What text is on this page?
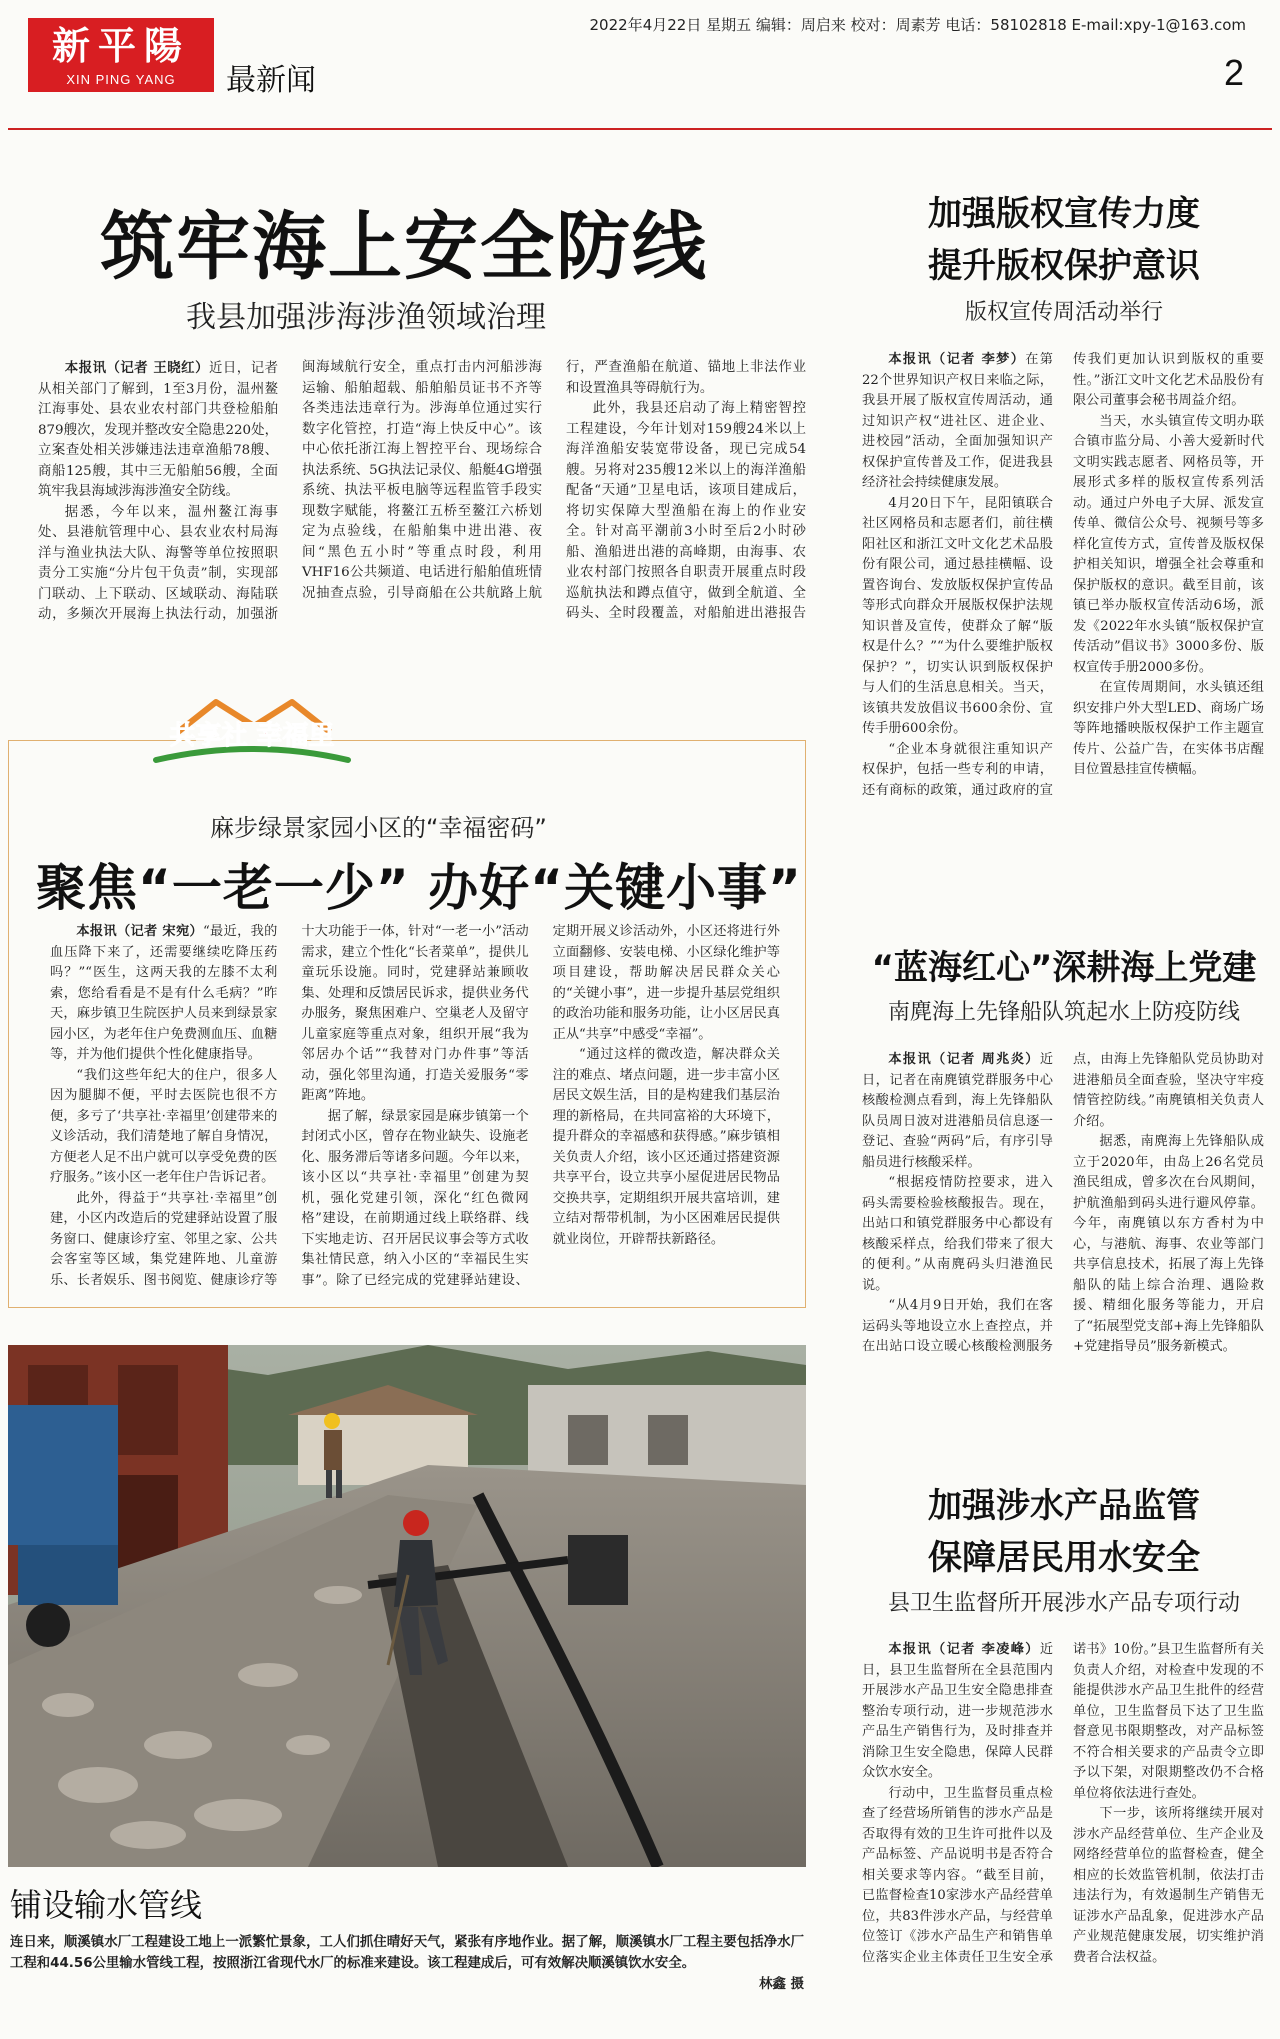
新平陽
XIN PING YANG	最新闻
2022年4月22日 星期五 编辑：周启来 校对：周素芳 电话：58102818 E-mail:xpy-1@163.com
2
筑牢海上安全防线
我县加强涉海涉渔领域治理

本报讯（记者 王晓红）近日，记者从相关部门了解到，1至3月份，温州鳌江海事处、县农业农村部门共登检船舶879艘次，发现并整改安全隐患220处，立案查处相关涉嫌违法违章渔船78艘、商船125艘，其中三无船舶56艘，全面筑牢我县海域涉海涉渔安全防线。

据悉，今年以来，温州鳌江海事处、县港航管理中心、县农业农村局海洋与渔业执法大队、海警等单位按照职责分工实施“分片包干负责”制，实现部门联动、上下联动、区域联动、海陆联动，多频次开展海上执法行动，加强浙闽海域航行安全，重点打击内河船涉海运输、船舶超载、船舶船员证书不齐等各类违法违章行为。涉海单位通过实行数字化管控，打造“海上快反中心”。该中心依托浙江海上智控平台、现场综合执法系统、5G执法记录仪、船艇4G增强系统、执法平板电脑等远程监管手段实现数字赋能，将鳌江五桥至鳌江六桥划定为点验线，在船舶集中进出港、夜间“黑色五小时”等重点时段，利用VHF16公共频道、电话进行船舶值班情况抽查点验，引导商船在公共航路上航行，严查渔船在航道、锚地上非法作业和设置渔具等碍航行为。

此外，我县还启动了海上精密智控工程建设，今年计划对159艘24米以上海洋渔船安装宽带设备，现已完成54艘。另将对235艘12米以上的海洋渔船配备“天通”卫星电话，该项目建成后，将切实保障大型渔船在海上的作业安全。针对高平潮前3小时至后2小时砂船、渔船进出港的高峰期，由海事、农业农村部门按照各自职责开展重点时段巡航执法和蹲点值守，做到全航道、全码头、全时段覆盖，对船舶进出港报告

共享社 幸福里
麻步绿景家园小区的“幸福密码”
聚焦“一老一少” 办好“关键小事”

本报讯（记者 宋宛）“最近，我的血压降下来了，还需要继续吃降压药吗？”“医生，这两天我的左膝不太利索，您给看看是不是有什么毛病？”昨天，麻步镇卫生院医护人员来到绿景家园小区，为老年住户免费测血压、血糖等，并为他们提供个性化健康指导。

“我们这些年纪大的住户，很多人因为腿脚不便，平时去医院也很不方便，多亏了‘共享社·幸福里’创建带来的义诊活动，我们清楚地了解自身情况，方便老人足不出户就可以享受免费的医疗服务。”该小区一老年住户告诉记者。

此外，得益于“共享社·幸福里”创建，小区内改造后的党建驿站设置了服务窗口、健康诊疗室、邻里之家、公共会客室等区域，集党建阵地、儿童游乐、长者娱乐、图书阅览、健康诊疗等十大功能于一体，针对“一老一小”活动需求，建立个性化“长者菜单”，提供儿童玩乐设施。同时，党建驿站兼顾收集、处理和反馈居民诉求，提供业务代办服务，聚焦困难户、空巢老人及留守儿童家庭等重点对象，组织开展“我为邻居办个话”“我替对门办件事”等活动，强化邻里沟通，打造关爱服务“零距离”阵地。

据了解，绿景家园是麻步镇第一个封闭式小区，曾存在物业缺失、设施老化、服务滞后等诸多问题。今年以来，该小区以“共享社·幸福里”创建为契机，强化党建引领，深化“红色微网格”建设，在前期通过线上联络群、线下实地走访、召开居民议事会等方式收集社情民意，纳入小区的“幸福民生实事”。除了已经完成的党建驿站建设、定期开展义诊活动外，小区还将进行外立面翻修、安装电梯、小区绿化维护等项目建设，帮助解决居民群众关心的“关键小事”，进一步提升基层党组织的政治功能和服务功能，让小区居民真正从“共享”中感受“幸福”。

“通过这样的微改造，解决群众关注的难点、堵点问题，进一步丰富小区居民文娱生活，目的是构建我们基层治理的新格局，在共同富裕的大环境下，提升群众的幸福感和获得感。”麻步镇相关负责人介绍，该小区还通过搭建资源共享平台，设立共享小屋促进居民物品交换共享，定期组织开展共富培训，建立结对帮带机制，为小区困难居民提供就业岗位，开辟帮扶新路径。

铺设输水管线
连日来，顺溪镇水厂工程建设工地上一派繁忙景象，工人们抓住晴好天气，紧张有序地作业。据了解，顺溪镇水厂工程主要包括净水厂工程和44.56公里输水管线工程，按照浙江省现代水厂的标准来建设。该工程建成后，可有效解决顺溪镇饮水安全。
林鑫 摄
加强版权宣传力度
提升版权保护意识
版权宣传周活动举行

本报讯（记者 李梦）在第22个世界知识产权日来临之际，我县开展了版权宣传周活动，通过知识产权“进社区、进企业、进校园”活动，全面加强知识产权保护宣传普及工作，促进我县经济社会持续健康发展。

4月20日下午，昆阳镇联合社区网格员和志愿者们，前往横阳社区和浙江文叶文化艺术品股份有限公司，通过悬挂横幅、设置咨询台、发放版权保护宣传品等形式向群众开展版权保护法规知识普及宣传，使群众了解“版权是什么？”“为什么要维护版权保护？”，切实认识到版权保护与人们的生活息息相关。当天，该镇共发放倡议书600余份、宣传手册600余份。

“企业本身就很注重知识产权保护，包括一些专利的申请，还有商标的政策，通过政府的宣传我们更加认识到版权的重要性。”浙江文叶文化艺术品股份有限公司董事会秘书周益介绍。

当天，水头镇宣传文明办联合镇市监分局、小善大爱新时代文明实践志愿者、网格员等，开展形式多样的版权宣传系列活动。通过户外电子大屏、派发宣传单、微信公众号、视频号等多样化宣传方式，宣传普及版权保护相关知识，增强全社会尊重和保护版权的意识。截至目前，该镇已举办版权宣传活动6场，派发《2022年水头镇“版权保护宣传活动”倡议书》3000多份、版权宣传手册2000多份。

在宣传周期间，水头镇还组织安排户外大型LED、商场广场等阵地播映版权保护工作主题宣传片、公益广告，在实体书店醒目位置悬挂宣传横幅。

“蓝海红心”深耕海上党建
南麂海上先锋船队筑起水上防疫防线

本报讯（记者 周兆炎）近日，记者在南麂镇党群服务中心核酸检测点看到，海上先锋船队队员周日波对进港船员信息逐一登记、查验“两码”后，有序引导船员进行核酸采样。

“根据疫情防控要求，进入码头需要检验核酸报告。现在，出站口和镇党群服务中心都设有核酸采样点，给我们带来了很大的便利。”从南麂码头归港渔民说。

“从4月9日开始，我们在客运码头等地设立水上查控点，并在出站口设立暖心核酸检测服务点，由海上先锋船队党员协助对进港船员全面查验，坚决守牢疫情管控防线。”南麂镇相关负责人介绍。

据悉，南麂海上先锋船队成立于2020年，由岛上26名党员渔民组成，曾多次在台风期间，护航渔船到码头进行避风停靠。今年，南麂镇以东方香村为中心，与港航、海事、农业等部门共享信息技术，拓展了海上先锋船队的陆上综合治理、遇险救援、精细化服务等能力，开启了“拓展型党支部+海上先锋船队+党建指导员”服务新模式。

加强涉水产品监管
保障居民用水安全
县卫生监督所开展涉水产品专项行动

本报讯（记者 李凌峰）近日，县卫生监督所在全县范围内开展涉水产品卫生安全隐患排查整治专项行动，进一步规范涉水产品生产销售行为，及时排查并消除卫生安全隐患，保障人民群众饮水安全。

行动中，卫生监督员重点检查了经营场所销售的涉水产品是否取得有效的卫生许可批件以及产品标签、产品说明书是否符合相关要求等内容。“截至目前，已监督检查10家涉水产品经营单位，共83件涉水产品，与经营单位签订《涉水产品生产和销售单位落实企业主体责任卫生安全承诺书》10份。”县卫生监督所有关负责人介绍，对检查中发现的不能提供涉水产品卫生批件的经营单位，卫生监督员下达了卫生监督意见书限期整改，对产品标签不符合相关要求的产品责令立即予以下架，对限期整改仍不合格单位将依法进行查处。

下一步，该所将继续开展对涉水产品经营单位、生产企业及网络经营单位的监督检查，健全相应的长效监管机制，依法打击违法行为，有效遏制生产销售无证涉水产品乱象，促进涉水产品产业规范健康发展，切实维护消费者合法权益。
